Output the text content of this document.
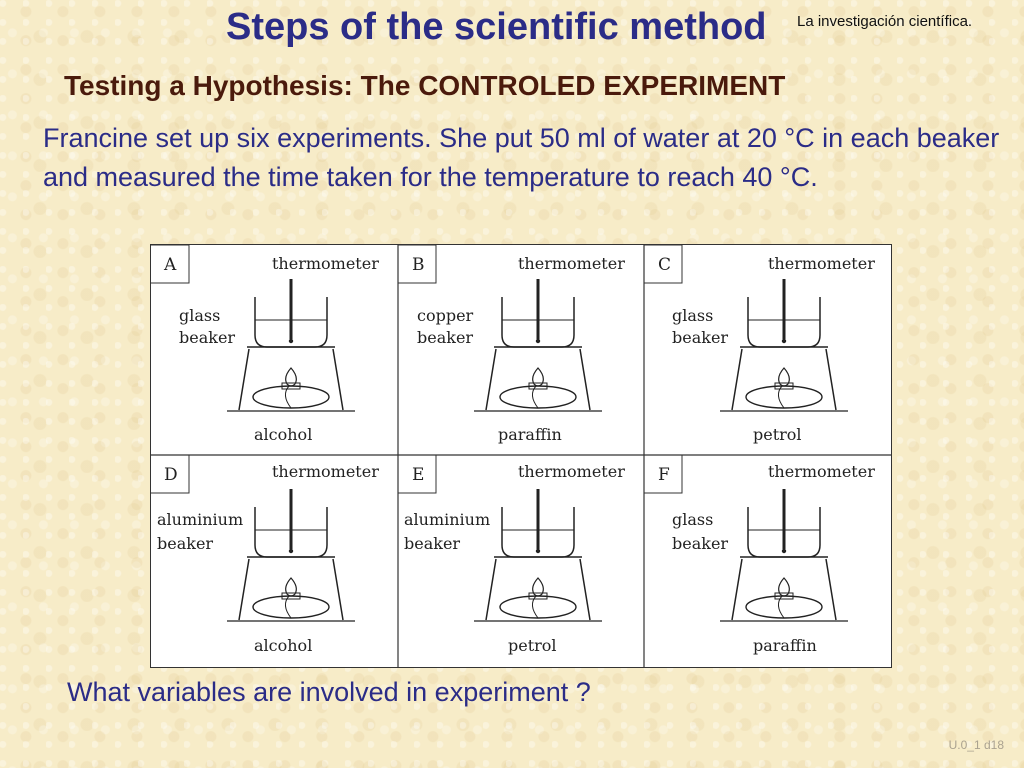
Steps of the scientific method La investigación científica.
Testing a Hypothesis: The CONTROLED EXPERIMENT
Francine set up six experiments. She put 50 ml of water at 20 °C in each beaker and measured the time taken for the temperature to reach 40 °C.
A	thermometer
glass
beaker
alcohol
B	thermometer
copper
beaker
paraffin
C	thermometer
glass
beaker
petrol
D	thermometer
aluminium
beaker
alcohol
E	thermometer
aluminium
beaker
petrol
F	thermometer
glass
beaker
paraffin
What variables are involved in experiment ?
U.0_1 d18
